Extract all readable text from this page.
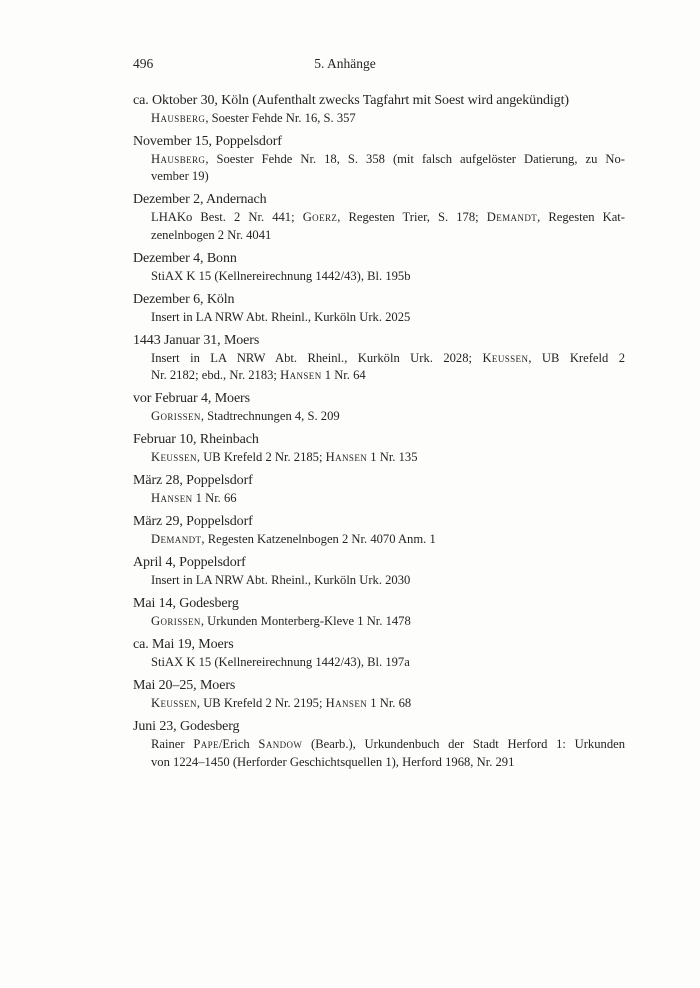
496	5. Anhänge
ca. Oktober 30, Köln (Aufenthalt zwecks Tagfahrt mit Soest wird angekündigt)
Hausberg, Soester Fehde Nr. 16, S. 357
November 15, Poppelsdorf
Hausberg, Soester Fehde Nr. 18, S. 358 (mit falsch aufgelöster Datierung, zu No-
vember 19)
Dezember 2, Andernach
LHAKo Best. 2 Nr. 441; Goerz, Regesten Trier, S. 178; Demandt, Regesten Kat-
zenelnbogen 2 Nr. 4041
Dezember 4, Bonn
StiAX K 15 (Kellnereirechnung 1442/43), Bl. 195b
Dezember 6, Köln
Insert in LA NRW Abt. Rheinl., Kurköln Urk. 2025
1443 Januar 31, Moers
Insert in LA NRW Abt. Rheinl., Kurköln Urk. 2028; Keussen, UB Krefeld 2
Nr. 2182; ebd., Nr. 2183; Hansen 1 Nr. 64
vor Februar 4, Moers
Gorissen, Stadtrechnungen 4, S. 209
Februar 10, Rheinbach
Keussen, UB Krefeld 2 Nr. 2185; Hansen 1 Nr. 135
März 28, Poppelsdorf
Hansen 1 Nr. 66
März 29, Poppelsdorf
Demandt, Regesten Katzenelnbogen 2 Nr. 4070 Anm. 1
April 4, Poppelsdorf
Insert in LA NRW Abt. Rheinl., Kurköln Urk. 2030
Mai 14, Godesberg
Gorissen, Urkunden Monterberg-Kleve 1 Nr. 1478
ca. Mai 19, Moers
StiAX K 15 (Kellnereirechnung 1442/43), Bl. 197a
Mai 20–25, Moers
Keussen, UB Krefeld 2 Nr. 2195; Hansen 1 Nr. 68
Juni 23, Godesberg
Rainer Pape/Erich Sandow (Bearb.), Urkundenbuch der Stadt Herford 1: Urkunden
von 1224–1450 (Herforder Geschichtsquellen 1), Herford 1968, Nr. 291
